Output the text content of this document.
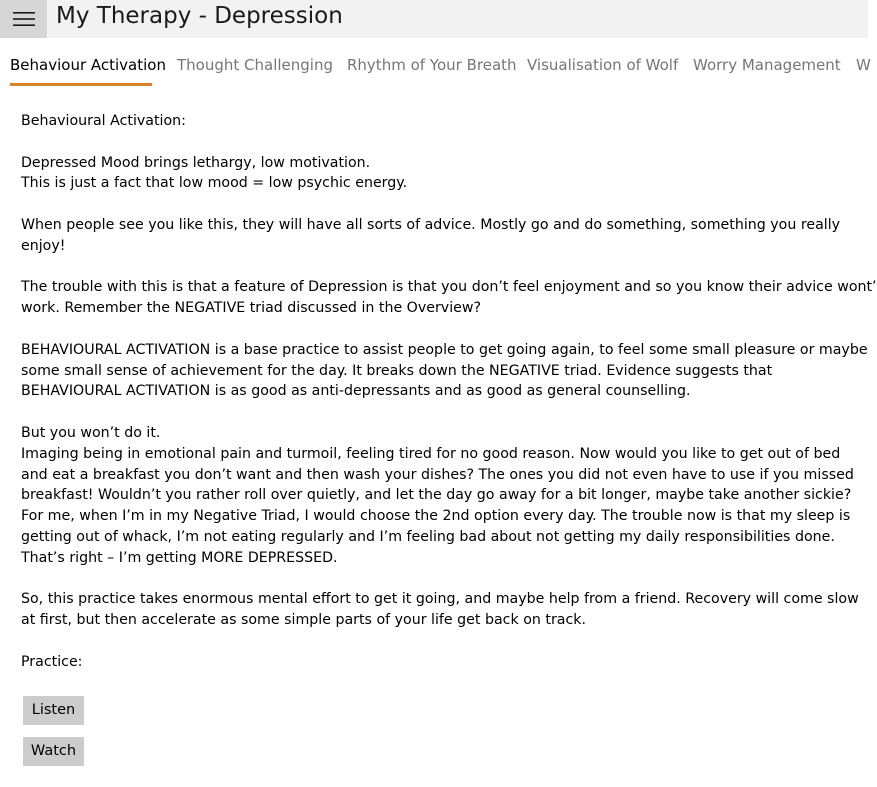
My Therapy - Depression
Behaviour Activation Thought Challenging Rhythm of Your Breath Visualisation of Wolf Worry Management W

Behavioural Activation:

Depressed Mood brings lethargy, low motivation.
This is just a fact that low mood = low psychic energy.

When people see you like this, they will have all sorts of advice. Mostly go and do something, something you really
enjoy!

The trouble with this is that a feature of Depression is that you don’t feel enjoyment and so you know their advice wont’
work. Remember the NEGATIVE triad discussed in the Overview?

BEHAVIOURAL ACTIVATION is a base practice to assist people to get going again, to feel some small pleasure or maybe
some small sense of achievement for the day. It breaks down the NEGATIVE triad. Evidence suggests that
BEHAVIOURAL ACTIVATION is as good as anti-depressants and as good as general counselling.

But you won’t do it.
Imaging being in emotional pain and turmoil, feeling tired for no good reason. Now would you like to get out of bed
and eat a breakfast you don’t want and then wash your dishes? The ones you did not even have to use if you missed
breakfast! Wouldn’t you rather roll over quietly, and let the day go away for a bit longer, maybe take another sickie?
For me, when I’m in my Negative Triad, I would choose the 2nd option every day. The trouble now is that my sleep is
getting out of whack, I’m not eating regularly and I’m feeling bad about not getting my daily responsibilities done.
That’s right – I’m getting MORE DEPRESSED.

So, this practice takes enormous mental effort to get it going, and maybe help from a friend. Recovery will come slow
at first, but then accelerate as some simple parts of your life get back on track.

Practice:

Listen
Watch
